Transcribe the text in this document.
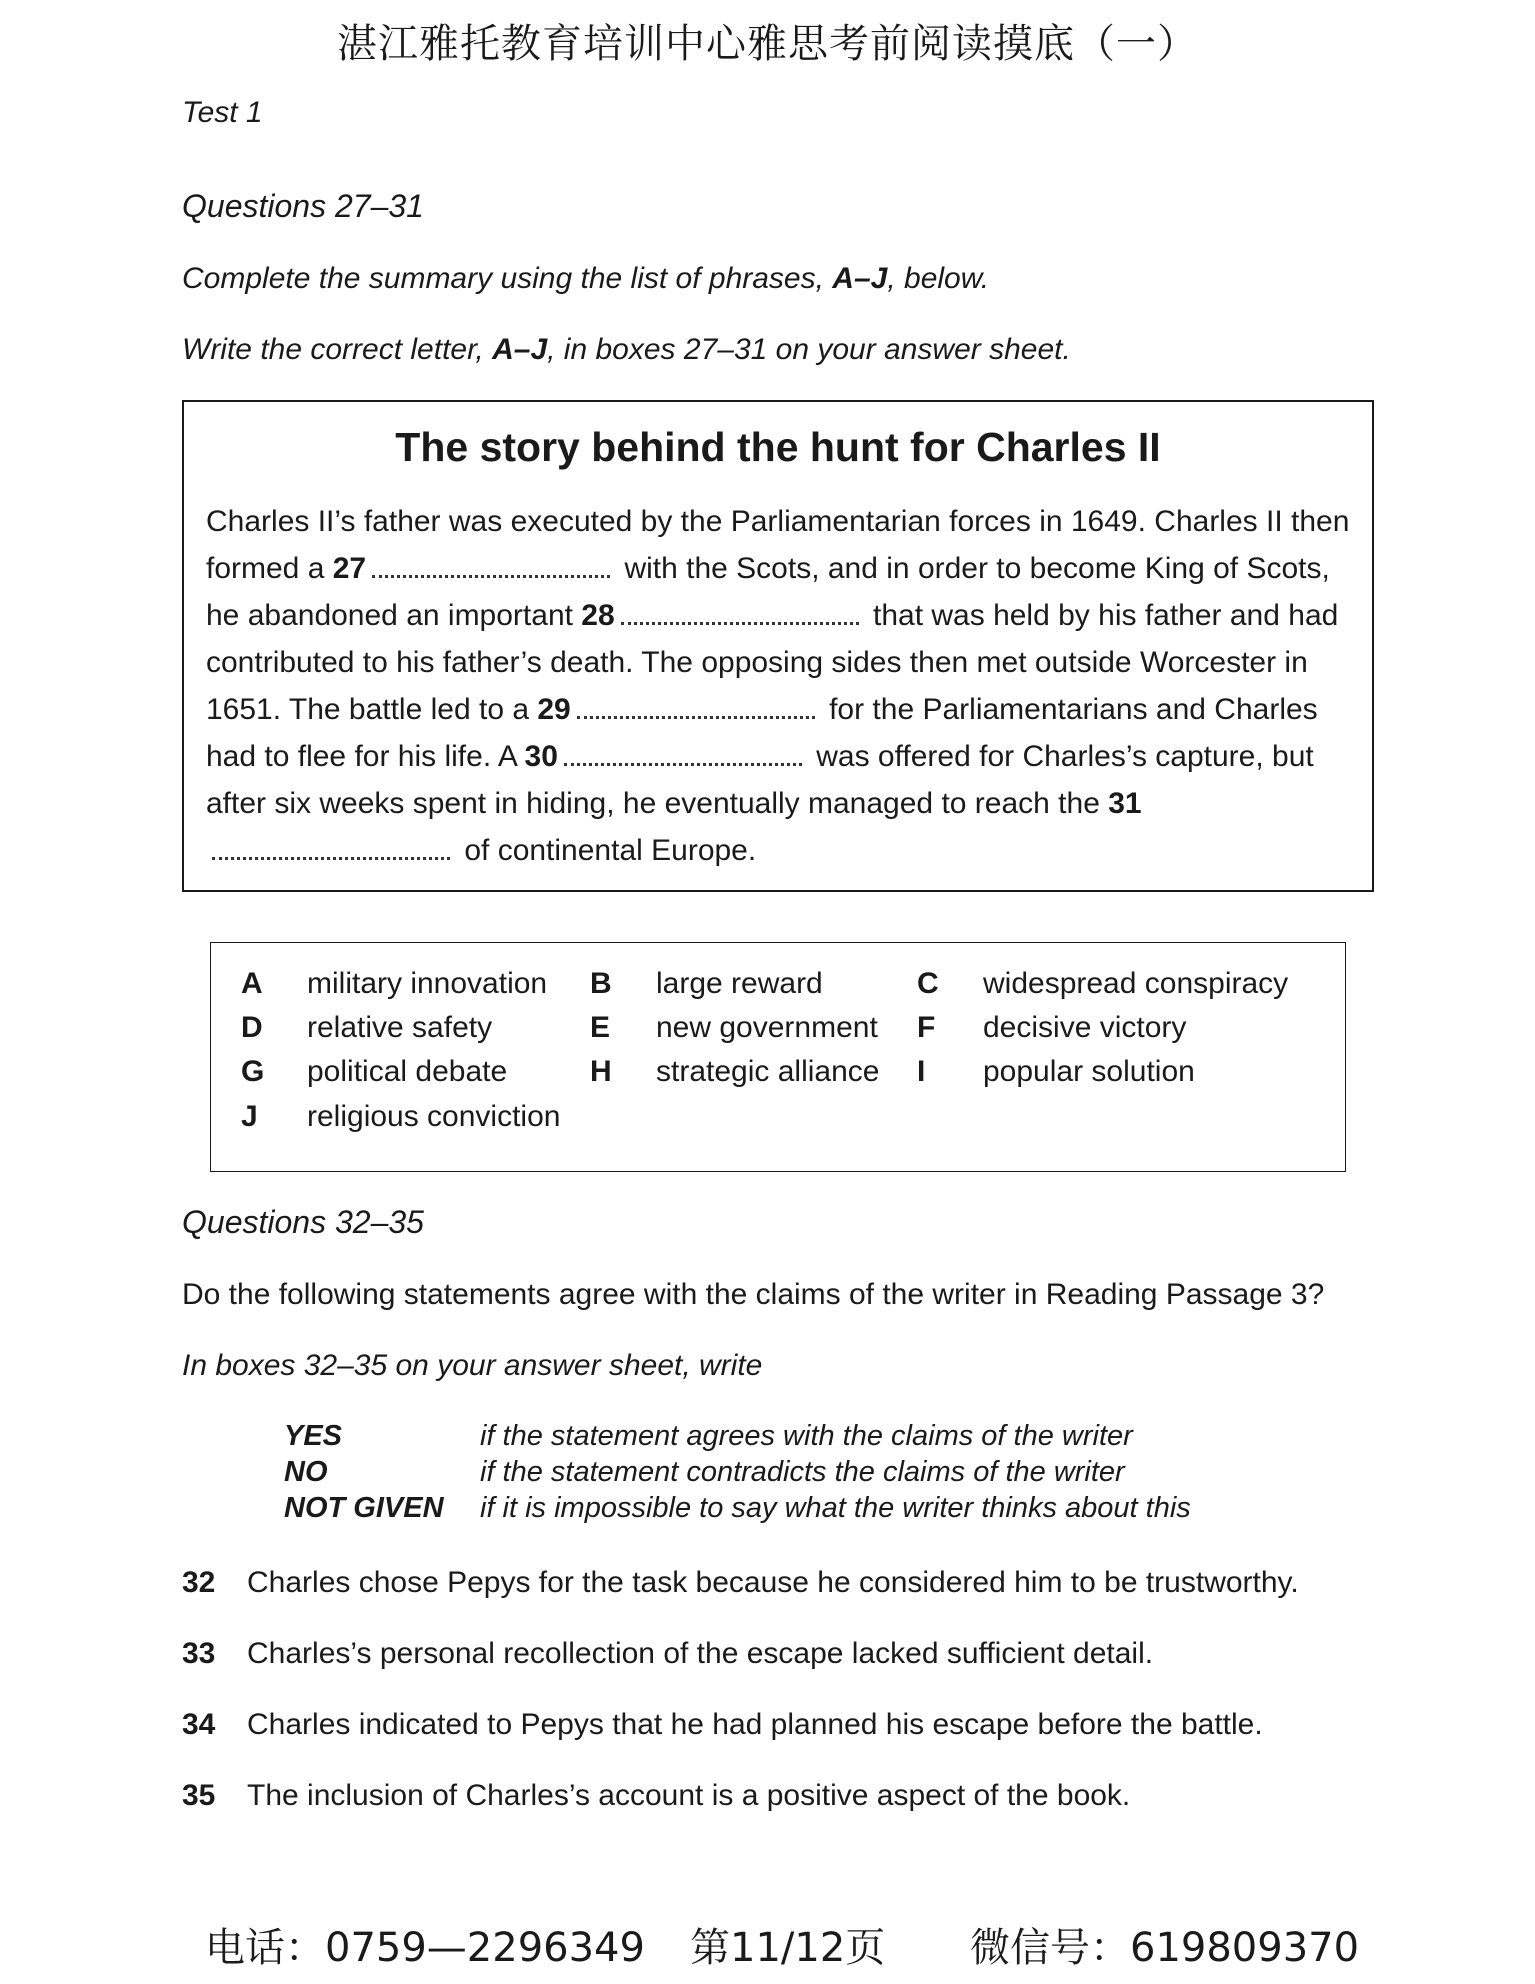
湛江雅托教育培训中心雅思考前阅读摸底（一）
Test 1
Questions 27–31
Complete the summary using the list of phrases, A–J, below.
Write the correct letter, A–J, in boxes 27–31 on your answer sheet.
The story behind the hunt for Charles II
Charles II’s father was executed by the Parliamentarian forces in 1649. Charles II then formed a 27	with the Scots, and in order to become King of Scots, he abandoned an important 28	that was held by his father and had contributed to his father’s death. The opposing sides then met outside Worcester in 1651. The battle led to a 29	for the Parliamentarians and Charles had to flee for his life. A 30	was offered for Charles’s capture, but after six weeks spent in hiding, he eventually managed to reach the 31 of continental Europe.
A military innovation B large reward	C widespread conspiracy
D relative safety	E new government F decisive victory
G political debate	H strategic alliance I popular solution
J religious conviction
Questions 32–35
Do the following statements agree with the claims of the writer in Reading Passage 3?
In boxes 32–35 on your answer sheet, write
YES	if the statement agrees with the claims of the writer
NO	if the statement contradicts the claims of the writer
NOT GIVEN if it is impossible to say what the writer thinks about this
32 Charles chose Pepys for the task because he considered him to be trustworthy.
33 Charles’s personal recollection of the escape lacked sufficient detail.
34 Charles indicated to Pepys that he had planned his escape before the battle.
35 The inclusion of Charles’s account is a positive aspect of the book.
电话：0759—2296349 第11/12页 微信号：619809370
